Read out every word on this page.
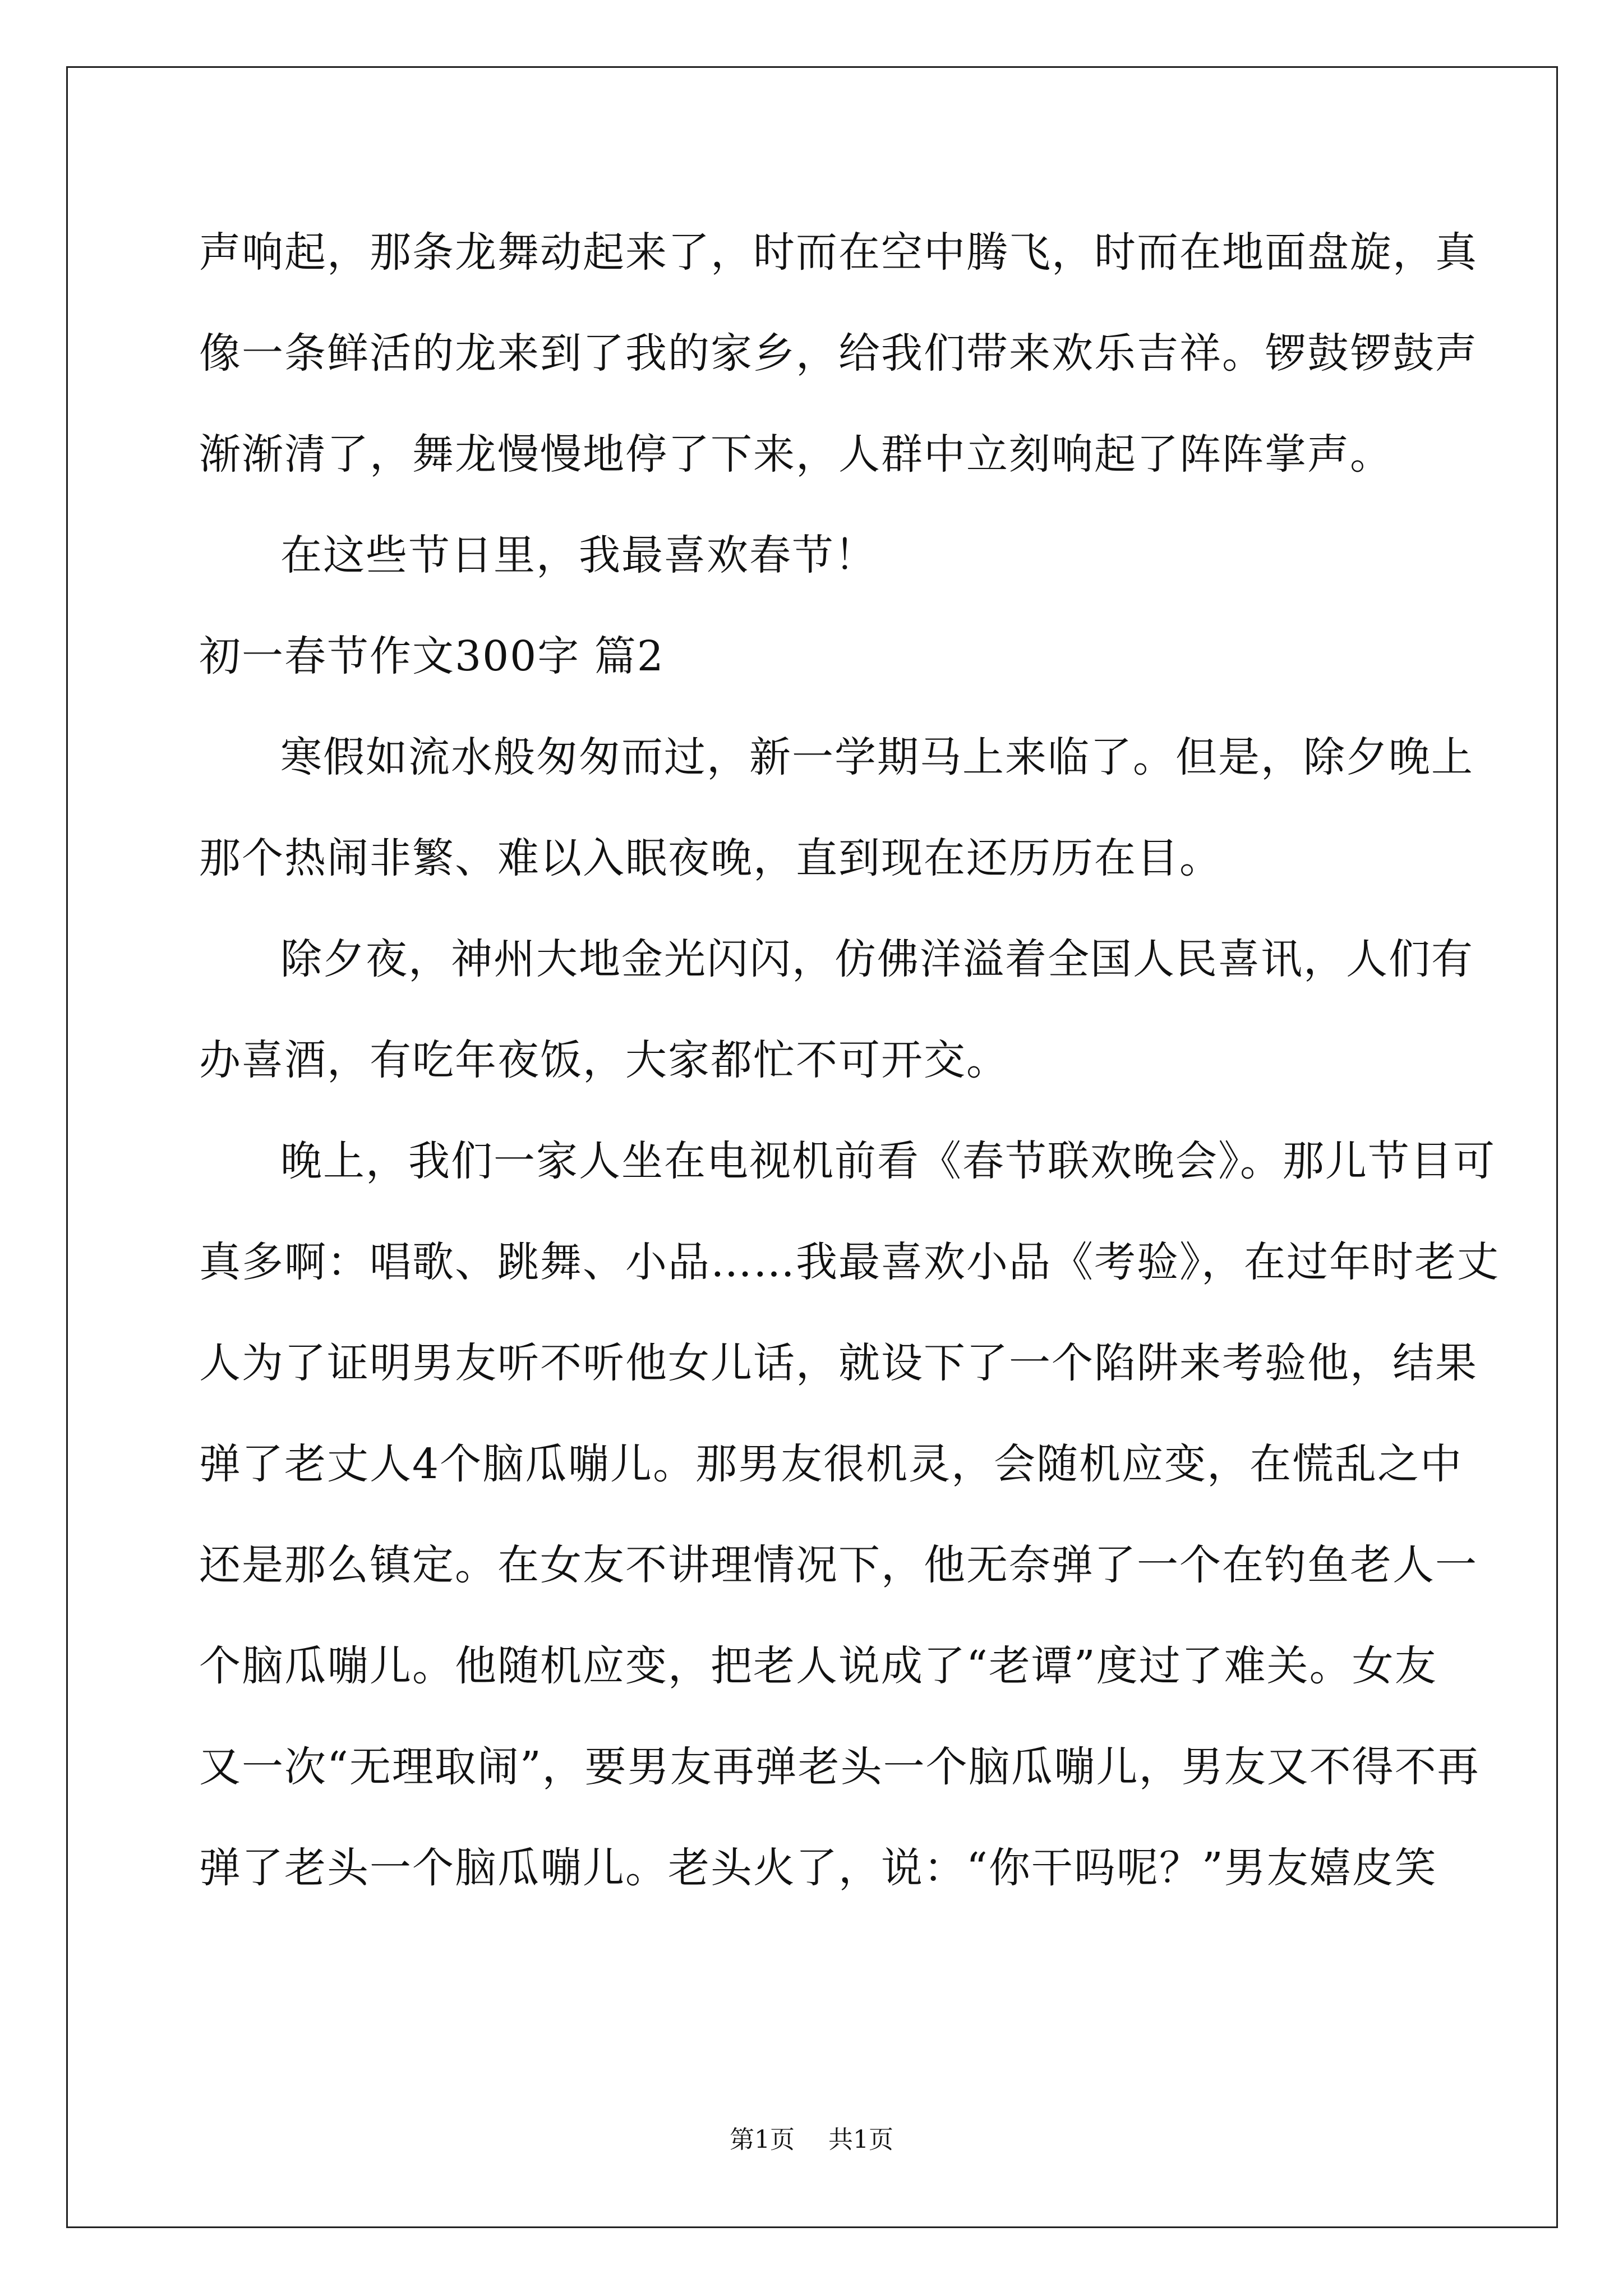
声响起，那条龙舞动起来了，时而在空中腾飞，时而在地面盘旋，真
像一条鲜活的龙来到了我的家乡，给我们带来欢乐吉祥。锣鼓锣鼓声
渐渐清了，舞龙慢慢地停了下来，人群中立刻响起了阵阵掌声。
在这些节日里，我最喜欢春节！
初一春节作文300字 篇2
寒假如流水般匆匆而过，新一学期马上来临了。但是，除夕晚上
那个热闹非繁、难以入眠夜晚，直到现在还历历在目。
除夕夜，神州大地金光闪闪，仿佛洋溢着全国人民喜讯，人们有
办喜酒，有吃年夜饭，大家都忙不可开交。
晚上，我们一家人坐在电视机前看《春节联欢晚会》。那儿节目可
真多啊：唱歌、跳舞、小品……我最喜欢小品《考验》，在过年时老丈
人为了证明男友听不听他女儿话，就设下了一个陷阱来考验他，结果
弹了老丈人4个脑瓜嘣儿。那男友很机灵，会随机应变，在慌乱之中
还是那么镇定。在女友不讲理情况下，他无奈弹了一个在钓鱼老人一
个脑瓜嘣儿。他随机应变，把老人说成了“老谭”度过了难关。女友
又一次“无理取闹”，要男友再弹老头一个脑瓜嘣儿，男友又不得不再
弹了老头一个脑瓜嘣儿。老头火了，说：“你干吗呢？”男友嬉皮笑
第1页 共1页
